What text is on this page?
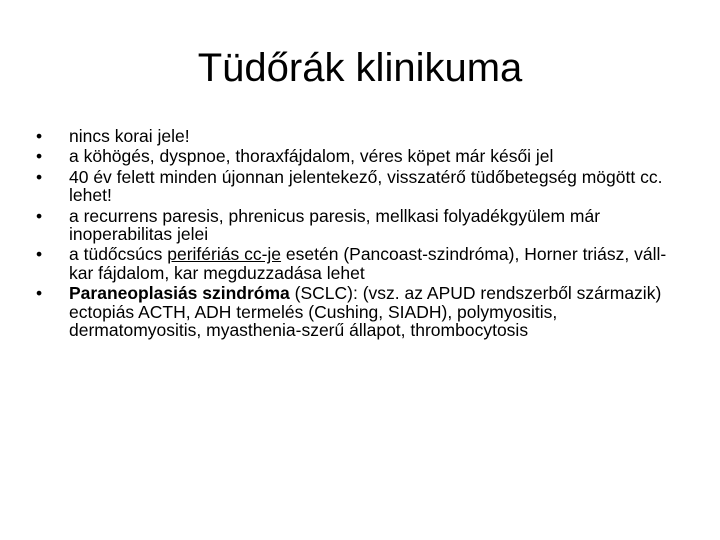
Tüdőrák klinikuma
•	nincs korai jele!
•	a köhögés, dyspnoe, thoraxfájdalom, véres köpet már késői jel
•	40 év felett minden újonnan jelentekező, visszatérő tüdőbetegség mögött cc. lehet!
•	a recurrens paresis, phrenicus paresis, mellkasi folyadékgyülem már inoperabilitas jelei
•	a tüdőcsúcs perifériás cc-je esetén (Pancoast-szindróma), Horner triász, váll-kar fájdalom, kar megduzzadása lehet
•	Paraneoplasiás szindróma (SCLC): (vsz. az APUD rendszerből származik) ectopiás ACTH, ADH termelés (Cushing, SIADH), polymyositis, dermatomyositis, myasthenia-szerű állapot, thrombocytosis
